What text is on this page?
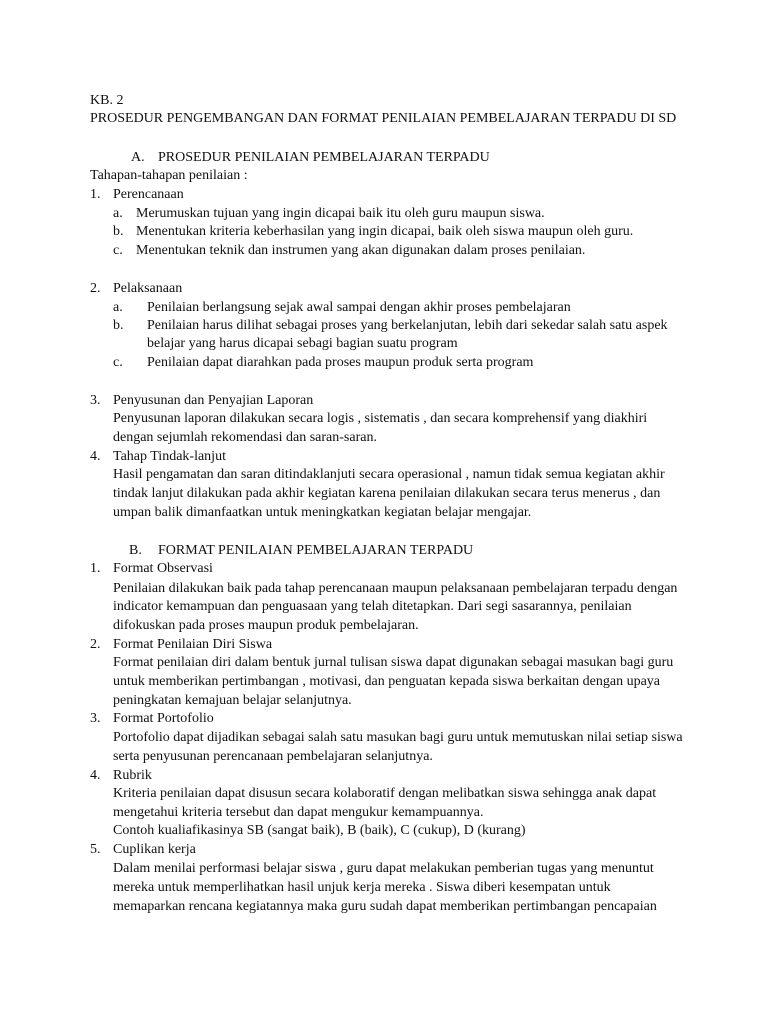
KB. 2
PROSEDUR PENGEMBANGAN DAN FORMAT PENILAIAN PEMBELAJARAN TERPADU DI SD
A. PROSEDUR PENILAIAN PEMBELAJARAN TERPADU
Tahapan-tahapan penilaian :
1. Perencanaan
a. Merumuskan tujuan yang ingin dicapai baik itu oleh guru maupun siswa.
b. Menentukan kriteria keberhasilan yang ingin dicapai, baik oleh siswa maupun oleh guru.
c. Menentukan teknik dan instrumen yang akan digunakan dalam proses penilaian.
2. Pelaksanaan
a. Penilaian berlangsung sejak awal sampai dengan akhir proses pembelajaran
b. Penilaian harus dilihat sebagai proses yang berkelanjutan, lebih dari sekedar salah satu aspek
belajar yang harus dicapai sebagi bagian suatu program
c. Penilaian dapat diarahkan pada proses maupun produk serta program
3. Penyusunan dan Penyajian Laporan
Penyusunan laporan dilakukan secara logis , sistematis , dan secara komprehensif yang diakhiri
dengan sejumlah rekomendasi dan saran-saran.
4. Tahap Tindak-lanjut
Hasil pengamatan dan saran ditindaklanjuti secara operasional , namun tidak semua kegiatan akhir
tindak lanjut dilakukan pada akhir kegiatan karena penilaian dilakukan secara terus menerus , dan
umpan balik dimanfaatkan untuk meningkatkan kegiatan belajar mengajar.
B. FORMAT PENILAIAN PEMBELAJARAN TERPADU
1. Format Observasi
Penilaian dilakukan baik pada tahap perencanaan maupun pelaksanaan pembelajaran terpadu dengan
indicator kemampuan dan penguasaan yang telah ditetapkan. Dari segi sasarannya, penilaian
difokuskan pada proses maupun produk pembelajaran.
2. Format Penilaian Diri Siswa
Format penilaian diri dalam bentuk jurnal tulisan siswa dapat digunakan sebagai masukan bagi guru
untuk memberikan pertimbangan , motivasi, dan penguatan kepada siswa berkaitan dengan upaya
peningkatan kemajuan belajar selanjutnya.
3. Format Portofolio
Portofolio dapat dijadikan sebagai salah satu masukan bagi guru untuk memutuskan nilai setiap siswa
serta penyusunan perencanaan pembelajaran selanjutnya.
4. Rubrik
Kriteria penilaian dapat disusun secara kolaboratif dengan melibatkan siswa sehingga anak dapat
mengetahui kriteria tersebut dan dapat mengukur kemampuannya.
Contoh kualiafikasinya SB (sangat baik), B (baik), C (cukup), D (kurang)
5. Cuplikan kerja
Dalam menilai performasi belajar siswa , guru dapat melakukan pemberian tugas yang menuntut
mereka untuk memperlihatkan hasil unjuk kerja mereka . Siswa diberi kesempatan untuk
memaparkan rencana kegiatannya maka guru sudah dapat memberikan pertimbangan pencapaian
